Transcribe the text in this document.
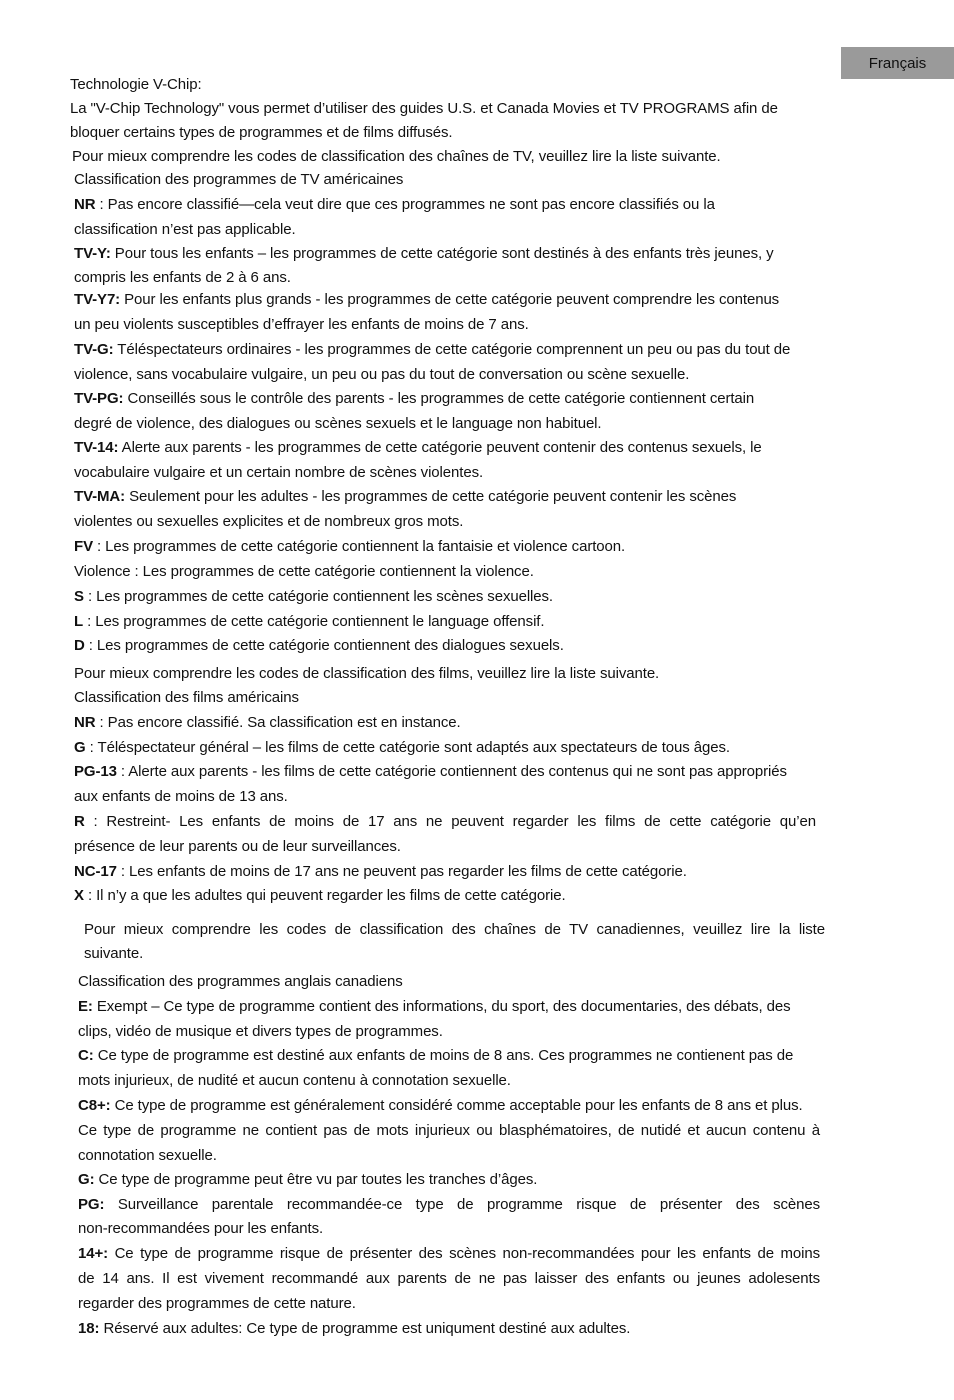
Français
Technologie V-Chip:
La "V-Chip Technology" vous permet d’utiliser des guides U.S. et Canada Movies et TV PROGRAMS afin de
bloquer certains types de programmes et de films diffusés.
Pour mieux comprendre les codes de classification des chaînes de TV, veuillez lire la liste suivante.
Classification des programmes de TV américaines
NR : Pas encore classifié—cela veut dire que ces programmes ne sont pas encore classifiés ou la
classification n’est pas applicable.
TV-Y: Pour tous les enfants – les programmes de cette catégorie sont destinés à des enfants très jeunes, y
compris les enfants de 2 à 6 ans.
TV-Y7: Pour les enfants plus grands - les programmes de cette catégorie peuvent comprendre les contenus
un peu violents susceptibles d’effrayer les enfants de moins de 7 ans.
TV-G: Téléspectateurs ordinaires - les programmes de cette catégorie comprennent un peu ou pas du tout de
violence, sans vocabulaire vulgaire, un peu ou pas du tout de conversation ou scène sexuelle.
TV-PG: Conseillés sous le contrôle des parents - les programmes de cette catégorie contiennent certain
degré de violence, des dialogues ou scènes sexuels et le language non habituel.
TV-14: Alerte aux parents - les programmes de cette catégorie peuvent contenir des contenus sexuels, le
vocabulaire vulgaire et un certain nombre de scènes violentes.
TV-MA: Seulement pour les adultes - les programmes de cette catégorie peuvent contenir les scènes
violentes ou sexuelles explicites et de nombreux gros mots.
FV : Les programmes de cette catégorie contiennent la fantaisie et violence cartoon.
Violence : Les programmes de cette catégorie contiennent la violence.
S : Les programmes de cette catégorie contiennent les scènes sexuelles.
L : Les programmes de cette catégorie contiennent le language offensif.
D : Les programmes de cette catégorie contiennent des dialogues sexuels.
Pour mieux comprendre les codes de classification des films, veuillez lire la liste suivante.
Classification des films américains
NR : Pas encore classifié. Sa classification est en instance.
G : Téléspectateur général – les films de cette catégorie sont adaptés aux spectateurs de tous âges.
PG-13 : Alerte aux parents - les films de cette catégorie contiennent des contenus qui ne sont pas appropriés
aux enfants de moins de 13 ans.
R : Restreint- Les enfants de moins de 17 ans ne peuvent regarder les films de cette catégorie qu’en
présence de leur parents ou de leur surveillances.
NC-17 : Les enfants de moins de 17 ans ne peuvent pas regarder les films de cette catégorie.
X : Il n’y a que les adultes qui peuvent regarder les films de cette catégorie.
Pour mieux comprendre les codes de classification des chaînes de TV canadiennes, veuillez lire la liste
suivante.
Classification des programmes anglais canadiens
E: Exempt – Ce type de programme contient des informations, du sport, des documentaries, des débats, des
clips, vidéo de musique et divers types de programmes.
C: Ce type de programme est destiné aux enfants de moins de 8 ans. Ces programmes ne contienent pas de
mots injurieux, de nudité et aucun contenu à connotation sexuelle.
C8+: Ce type de programme est généralement considéré comme acceptable pour les enfants de 8 ans et plus.
Ce type de programme ne contient pas de mots injurieux ou blasphématoires, de nutidé et aucun contenu à
connotation sexuelle.
G: Ce type de programme peut être vu par toutes les tranches d’âges.
PG: Surveillance parentale recommandée-ce type de programme risque de présenter des scènes
non-recommandées pour les enfants.
14+: Ce type de programme risque de présenter des scènes non-recommandées pour les enfants de moins
de 14 ans. Il est vivement recommandé aux parents de ne pas laisser des enfants ou jeunes adolesents
regarder des programmes de cette nature.
18: Réservé aux adultes: Ce type de programme est uniqument destiné aux adultes.
